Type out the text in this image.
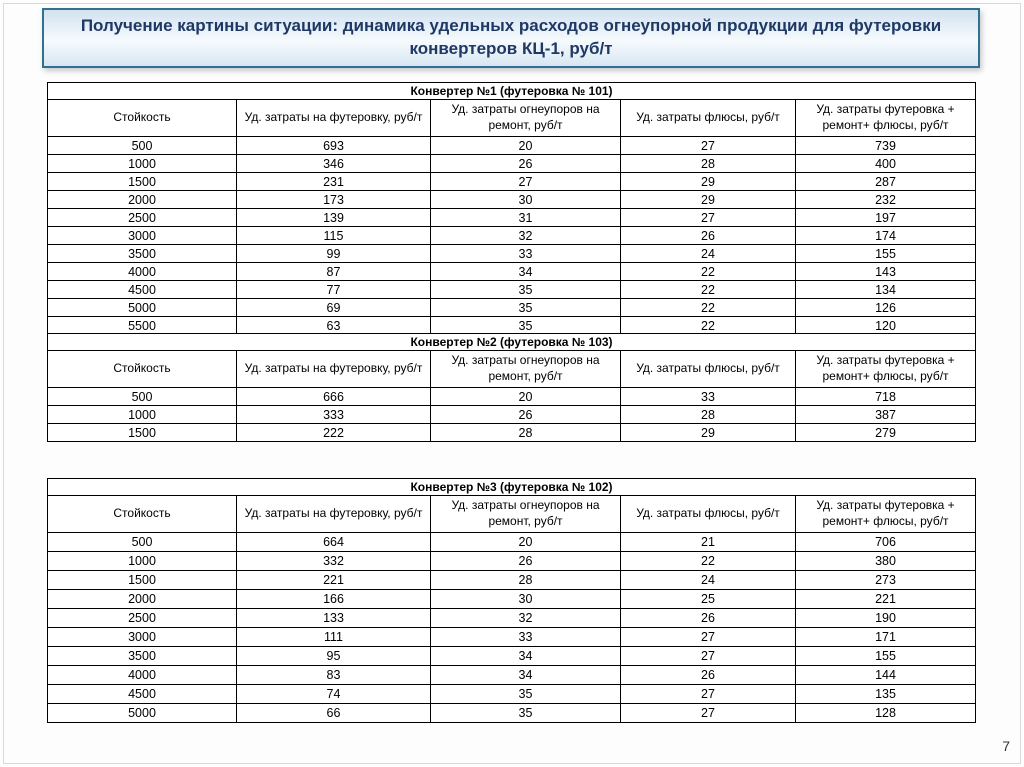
Получение картины ситуации: динамика удельных расходов огнеупорной продукции для футеровки конвертеров КЦ-1, руб/т
Конвертер №1 (футеровка № 101)				
Стойкость	Уд. затраты на футеровку, руб/т	Уд. затраты огнеупоров на ремонт, руб/т	Уд. затраты флюсы, руб/т	Уд. затраты футеровка + ремонт+ флюсы, руб/т
500	693	20	27	739
1000	346	26	28	400
1500	231	27	29	287
2000	173	30	29	232
2500	139	31	27	197
3000	115	32	26	174
3500	99	33	24	155
4000	87	34	22	143
4500	77	35	22	134
5000	69	35	22	126
5500	63	35	22	120
Конвертер №2 (футеровка № 103)				
Стойкость	Уд. затраты на футеровку, руб/т	Уд. затраты огнеупоров на ремонт, руб/т	Уд. затраты флюсы, руб/т	Уд. затраты футеровка + ремонт+ флюсы, руб/т
500	666	20	33	718
1000	333	26	28	387
1500	222	28	29	279
Конвертер №3 (футеровка № 102)				
Стойкость	Уд. затраты на футеровку, руб/т	Уд. затраты огнеупоров на ремонт, руб/т	Уд. затраты флюсы, руб/т	Уд. затраты футеровка + ремонт+ флюсы, руб/т
500	664	20	21	706
1000	332	26	22	380
1500	221	28	24	273
2000	166	30	25	221
2500	133	32	26	190
3000	111	33	27	171
3500	95	34	27	155
4000	83	34	26	144
4500	74	35	27	135
5000	66	35	27	128
7
